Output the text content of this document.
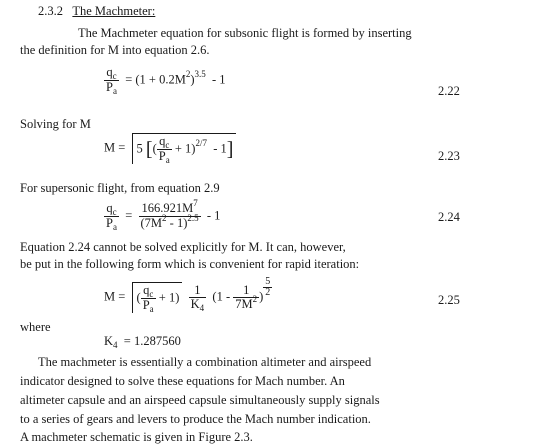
2.3.2 The Machmeter:
The Machmeter equation for subsonic flight is formed by inserting
the definition for M into equation 2.6.
$\frac{q_c}{P_a} = (1 + 0.2M^2)^{3.5} - 1$
2.22
Solving for M
M = 5 [( $\frac{q_c}{P_a} + 1)^{2/7} - 1$]	2.23
For supersonic flight, from equation 2.9
$\frac{q_c}{P_a} = \frac{166.921M^7}{(7M^2 - 1)^{2.5}} - 1$	2.24
Equation 2.24 cannot be solved explicitly for M. It can, however,
be put in the following form which is convenient for rapid iteration:
M =  ( $\frac{q_c}{P_a} + 1) \frac{1}{K_4} (1 - \frac{1}{7M^2}$ ) $\frac{5}{2}$
2.25
where
$K_4 = 1.287560$
The machmeter is essentially a combination altimeter and airspeed
indicator designed to solve these equations for Mach number. An
altimeter capsule and an airspeed capsule simultaneously supply signals
to a series of gears and levers to produce the Mach number indication.
A machmeter schematic is given in Figure 2.3.
